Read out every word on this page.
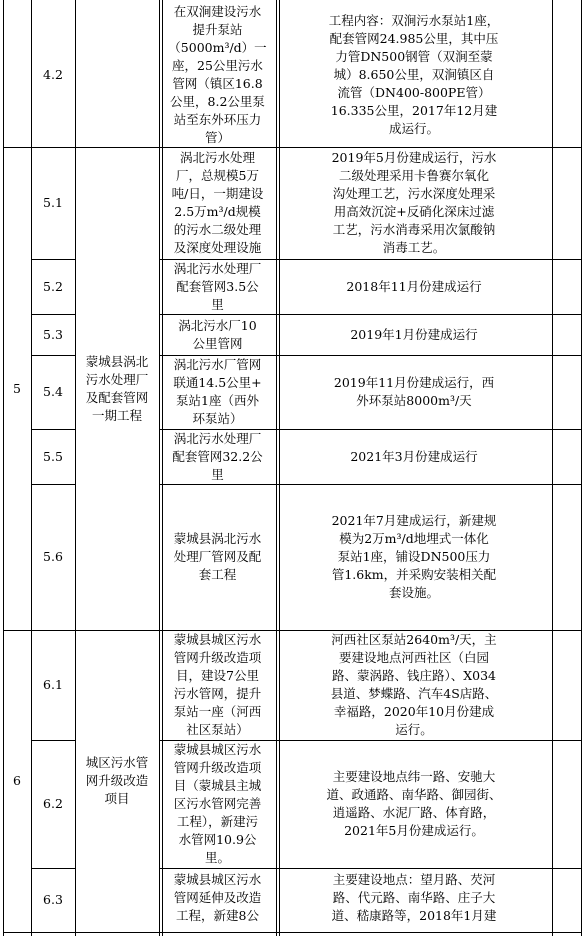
5
6
4.2
5.1
5.2
5.3
5.4
5.5
5.6
6.1
6.2
6.3
蒙城县涡北
污水处理厂
及配套管网
一期工程
城区污水管
网升级改造
项目
在双涧建设污水
提升泵站
（5000m³/d）一
座，25公里污水
管网（镇区16.8
公里，8.2公里泵
站至东外环压力
管）
涡北污水处理
厂，总规模5万
吨/日，一期建设
2.5万m³/d规模
的污水二级处理
及深度处理设施
涡北污水处理厂
配套管网3.5公
里
涡北污水厂10
公里管网
涡北污水厂管网
联通14.5公里+
泵站1座（西外
环泵站）
涡北污水处理厂
配套管网32.2公
里
蒙城县涡北污水
处理厂管网及配
套工程
蒙城县城区污水
管网升级改造项
目，建设7公里
污水管网，提升
泵站一座（河西
社区泵站）
蒙城县城区污水
管网升级改造项
目（蒙城县主城
区污水管网完善
工程），新建污
水管网10.9公
里。
蒙城县城区污水
管网延伸及改造
工程，新建8公
工程内容：双涧污水泵站1座，
配套管网24.985公里，其中压
力管DN500钢管（双涧至蒙
城）8.650公里，双涧镇区自
流管（DN400-800PE管）
16.335公里，2017年12月建
成运行。
2019年5月份建成运行，污水
二级处理采用卡鲁赛尔氧化
沟处理工艺，污水深度处理采
用高效沉淀+反硝化深床过滤
工艺，污水消毒采用次氯酸钠
消毒工艺。
2018年11月份建成运行
2019年1月份建成运行
2019年11月份建成运行，西
外环泵站8000m³/天
2021年3月份建成运行
2021年7月建成运行，新建规
模为2万m³/d地埋式一体化
泵站1座，铺设DN500压力
管1.6km，并采购安装相关配
套设施。
河西社区泵站2640m³/天，主
要建设地点河西社区（白园
路、蒙涡路、钱庄路）、X034
县道、梦蝶路、汽车4S店路、
幸福路，2020年10月份建成
运行。
主要建设地点纬一路、安驰大
道、政通路、南华路、御园街、
逍遥路、水泥厂路、体育路，
2021年5月份建成运行。
主要建设地点：望月路、芡河
路、代元路、南华路、庄子大
道、嵇康路等，2018年1月建
